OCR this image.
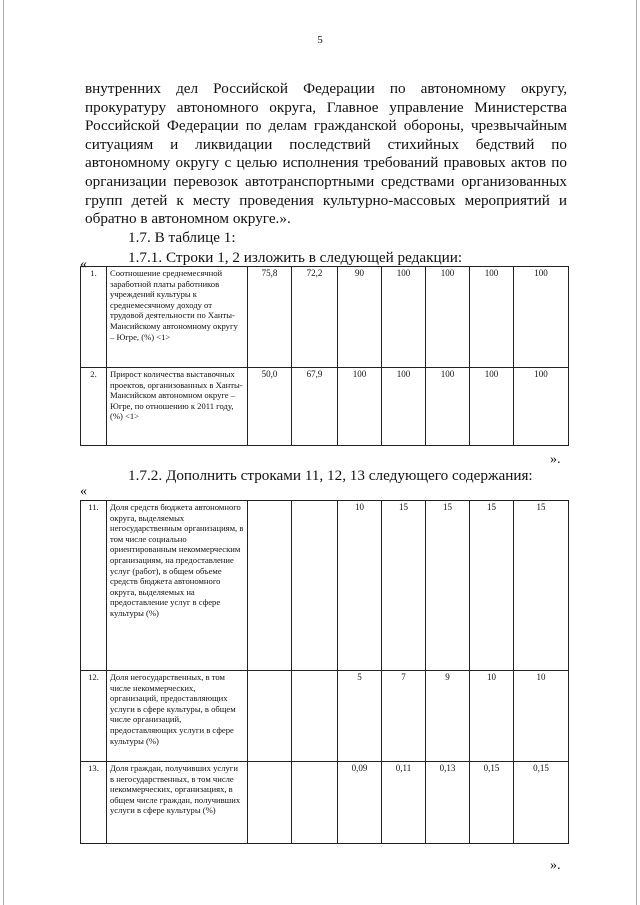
5

внутренних дел Российской Федерации по автономному округу,

прокуратуру автономного округа, Главное управление Министерства

Российской Федерации по делам гражданской обороны, чрезвычайным

ситуациям и ликвидации последствий стихийных бедствий по

автономному округу с целью исполнения требований правовых актов по

организации перевозок автотранспортными средствами организованных

групп детей к месту проведения культурно-массовых мероприятий и

обратно в автономном округе.».

1.7. В таблице 1:
1.7.1. Строки 1, 2 изложить в следующей редакции:
«
1.	Соотношение среднемесячной заработной платы работников учреждений культуры к среднемесячному доходу от трудовой деятельности по Ханты-Мансийскому автономному округу – Югре, (%) <1>	75,8	72,2	90	100	100	100	100
2.	Прирост количества выставочных проектов, организованных в Ханты-Мансийском автономном округе – Югре, по отношению к 2011 году, (%) <1>	50,0	67,9	100	100	100	100	100
».
1.7.2. Дополнить строками 11, 12, 13 следующего содержания:
«
11.	Доля средств бюджета автономного округа, выделяемых негосударственным организациям, в том числе социально ориентированным некоммерческим организациям, на предоставление услуг (работ), в общем объеме средств бюджета автономного округа, выделяемых на предоставление услуг в сфере культуры (%)			10	15	15	15	15
12.	Доля негосударственных, в том числе некоммерческих, организаций, предоставляющих услуги в сфере культуры, в общем числе организаций, предоставляющих услуги в сфере культуры (%)			5	7	9	10	10
13.	Доля граждан, получивших услуги в негосударственных, в том числе некоммерческих, организациях, в общем числе граждан, получивших услуги в сфере культуры (%)			0,09	0,11	0,13	0,15	0,15
».
